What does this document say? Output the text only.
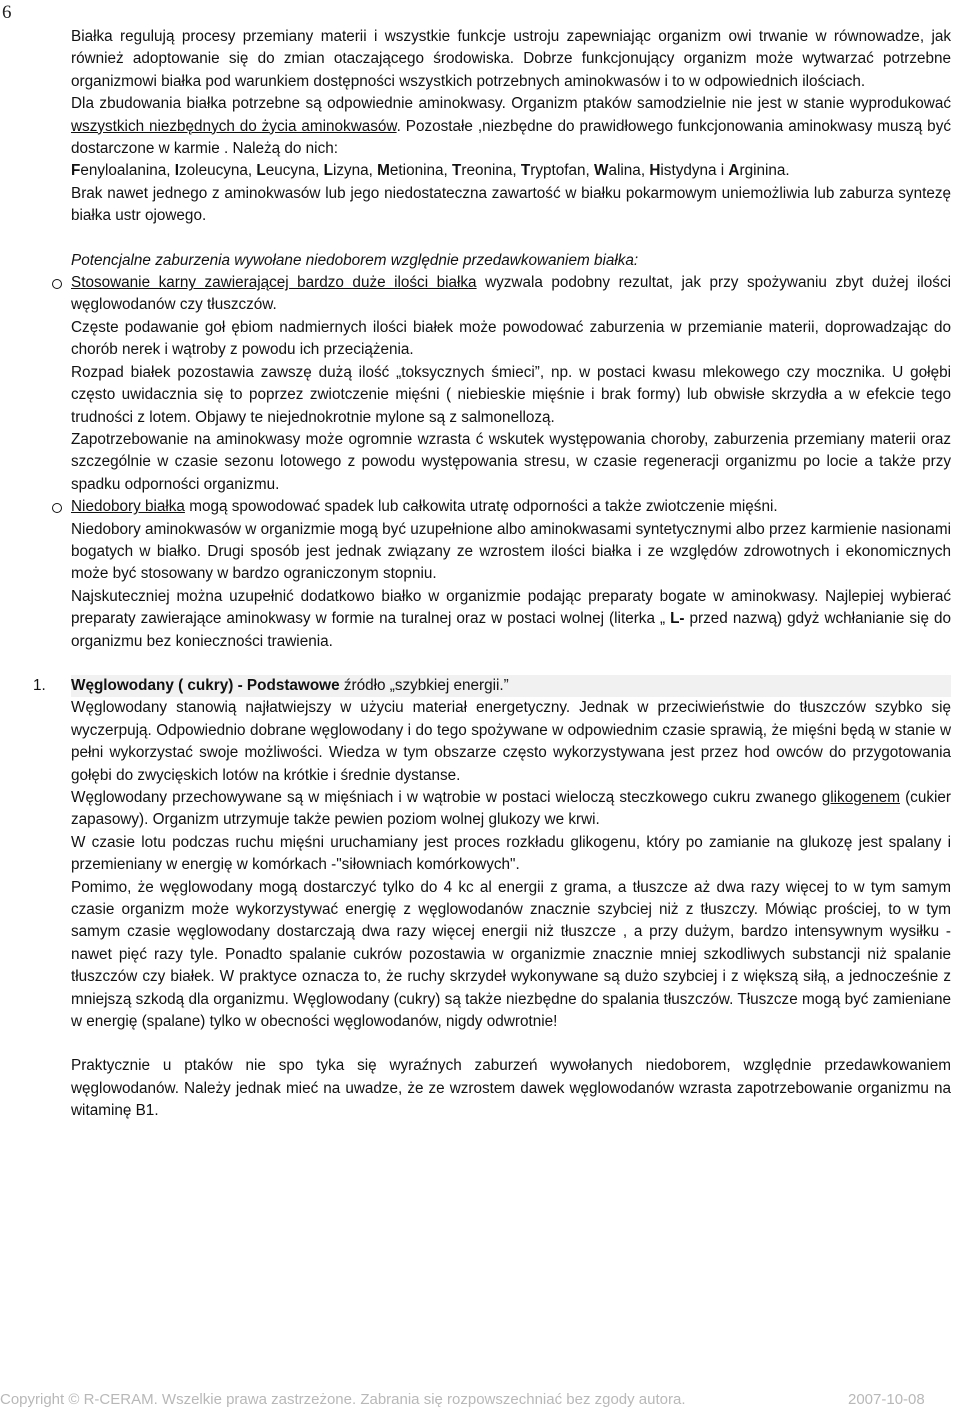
6

Białka regulują procesy przemiany materii i wszystkie funkcje ustroju zapewniając organizm owi trwanie w równowadze, jak również adoptowanie się do zmian otaczającego środowiska. Dobrze funkcjonujący organizm może wytwarzać potrzebne organizmowi białka pod warunkiem dostępności wszystkich potrzebnych aminokwasów i to w odpowiednich ilościach.

Dla zbudowania białka potrzebne są odpowiednie aminokwasy. Organizm ptaków samodzielnie nie jest w stanie wyprodukować wszystkich niezbędnych do życia aminokwasów. Pozostałe ,niezbędne do prawidłowego funkcjonowania aminokwasy muszą być dostarczone w karmie . Należą do nich:

Fenyloalanina, Izoleucyna, Leucyna, Lizyna, Metionina, Treonina, Tryptofan, Walina, Histydyna i Arginina.

Brak nawet jednego z aminokwasów lub jego niedostateczna zawartość w białku pokarmowym uniemożliwia lub zaburza syntezę białka ustr ojowego.

Potencjalne zaburzenia wywołane niedoborem względnie przedawkowaniem białka:

Stosowanie karny zawierającej bardzo duże ilości białka wyzwala podobny rezultat, jak przy spożywaniu zbyt dużej ilości węglowodanów czy tłuszczów.

Częste podawanie goł ębiom nadmiernych ilości białek może powodować zaburzenia w przemianie materii, doprowadzając do chorób nerek i wątroby z powodu ich przeciążenia.

Rozpad białek pozostawia zawszę dużą ilość „toksycznych śmieci”, np. w postaci kwasu mlekowego czy mocznika. U gołębi często uwidacznia się to poprzez zwiotczenie mięśni ( niebieskie mięśnie i brak formy) lub obwisłe skrzydła a w efekcie tego trudności z lotem. Objawy te niejednokrotnie mylone są z salmonellozą.

Zapotrzebowanie na aminokwasy może ogromnie wzrasta ć wskutek występowania choroby, zaburzenia przemiany materii oraz szczególnie w czasie sezonu lotowego z powodu występowania stresu, w czasie regeneracji organizmu po locie a także przy spadku odporności organizmu.

Niedobory białka mogą spowodować spadek lub całkowita utratę odporności a także zwiotczenie mięśni.

Niedobory aminokwasów w organizmie mogą być uzupełnione albo aminokwasami syntetycznymi albo przez karmienie nasionami bogatych w białko. Drugi sposób jest jednak związany ze wzrostem ilości białka i ze względów zdrowotnych i ekonomicznych może być stosowany w bardzo ograniczonym stopniu.

Najskuteczniej można uzupełnić dodatkowo białko w organizmie podając preparaty bogate w aminokwasy. Najlepiej wybierać preparaty zawierające aminokwasy w formie na turalnej oraz w postaci wolnej (literka „ L- przed nazwą) gdyż wchłanianie się do organizmu bez konieczności trawienia.

1. Węglowodany ( cukry) - Podstawowe źródło „szybkiej energii.”

Węglowodany stanowią najłatwiejszy w użyciu materiał energetyczny. Jednak w przeciwieństwie do tłuszczów szybko się wyczerpują. Odpowiednio dobrane węglowodany i do tego spożywane w odpowiednim czasie sprawią, że mięśni będą w stanie w pełni wykorzystać swoje możliwości. Wiedza w tym obszarze często wykorzystywana jest przez hod owców do przygotowania gołębi do zwycięskich lotów na krótkie i średnie dystanse.

Węglowodany przechowywane są w mięśniach i w wątrobie w postaci wieloczą steczkowego cukru zwanego glikogenem (cukier zapasowy). Organizm utrzymuje także pewien poziom wolnej glukozy we krwi.

W czasie lotu podczas ruchu mięśni uruchamiany jest proces rozkładu glikogenu, który po zamianie na glukozę jest spalany i przemieniany w energię w komórkach -"siłowniach komórkowych".

Pomimo, że węglowodany mogą dostarczyć tylko do 4 kc al energii z grama, a tłuszcze aż dwa razy więcej to w tym samym czasie organizm może wykorzystywać energię z węglowodanów znacznie szybciej niż z tłuszczy. Mówiąc prościej, to w tym samym czasie węglowodany dostarczają dwa razy więcej energii niż tłuszcze , a przy dużym, bardzo intensywnym wysiłku - nawet pięć razy tyle. Ponadto spalanie cukrów pozostawia w organizmie znacznie mniej szkodliwych substancji niż spalanie tłuszczów czy białek. W praktyce oznacza to, że ruchy skrzydeł wykonywane są dużo szybciej i z większą siłą, a jednocześnie z mniejszą szkodą dla organizmu. Węglowodany (cukry) są także niezbędne do spalania tłuszczów. Tłuszcze mogą być zamieniane w energię (spalane) tylko w obecności węglowodanów, nigdy odwrotnie!

Praktycznie u ptaków nie spo tyka się wyraźnych zaburzeń wywołanych niedoborem, względnie przedawkowaniem węglowodanów. Należy jednak mieć na uwadze, że ze wzrostem dawek węglowodanów wzrasta zapotrzebowanie organizmu na witaminę B1.

Copyright © R-CERAM. Wszelkie prawa zastrzeżone. Zabrania się rozpowszechniać bez zgody autora.	2007-10-08
